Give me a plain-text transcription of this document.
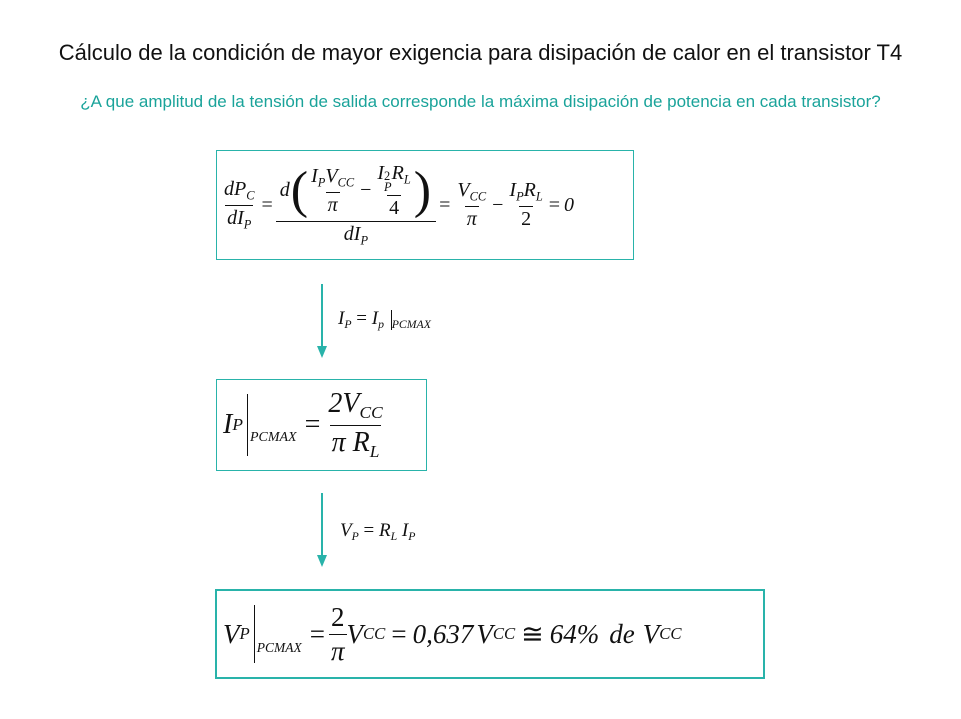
Cálculo de la condición de mayor exigencia para disipación de calor en el transistor T4
¿A que amplitud de la tensión de salida corresponde la máxima disipación de potencia en cada transistor?
$\frac{dP_C}{dI_P}$ =
d ( $\frac{I_PV_{CC}}{\pi} - I$ 2
P
$R_L$
4 )
$dI_P$
= $\frac{V_{CC}}{\pi} - \frac{I_PR_L}{2} = 0$
$I_P = I_p$ $_{PCMAX}$
I P
PCMAX = $\frac{2V_{CC}}{\pi R_L}$
$V_P = R_L$ $I_P$
V P
PCMAX = $\frac{2}{\pi}$ V CC = 0,637 V CC ≅ 64% de V CC
